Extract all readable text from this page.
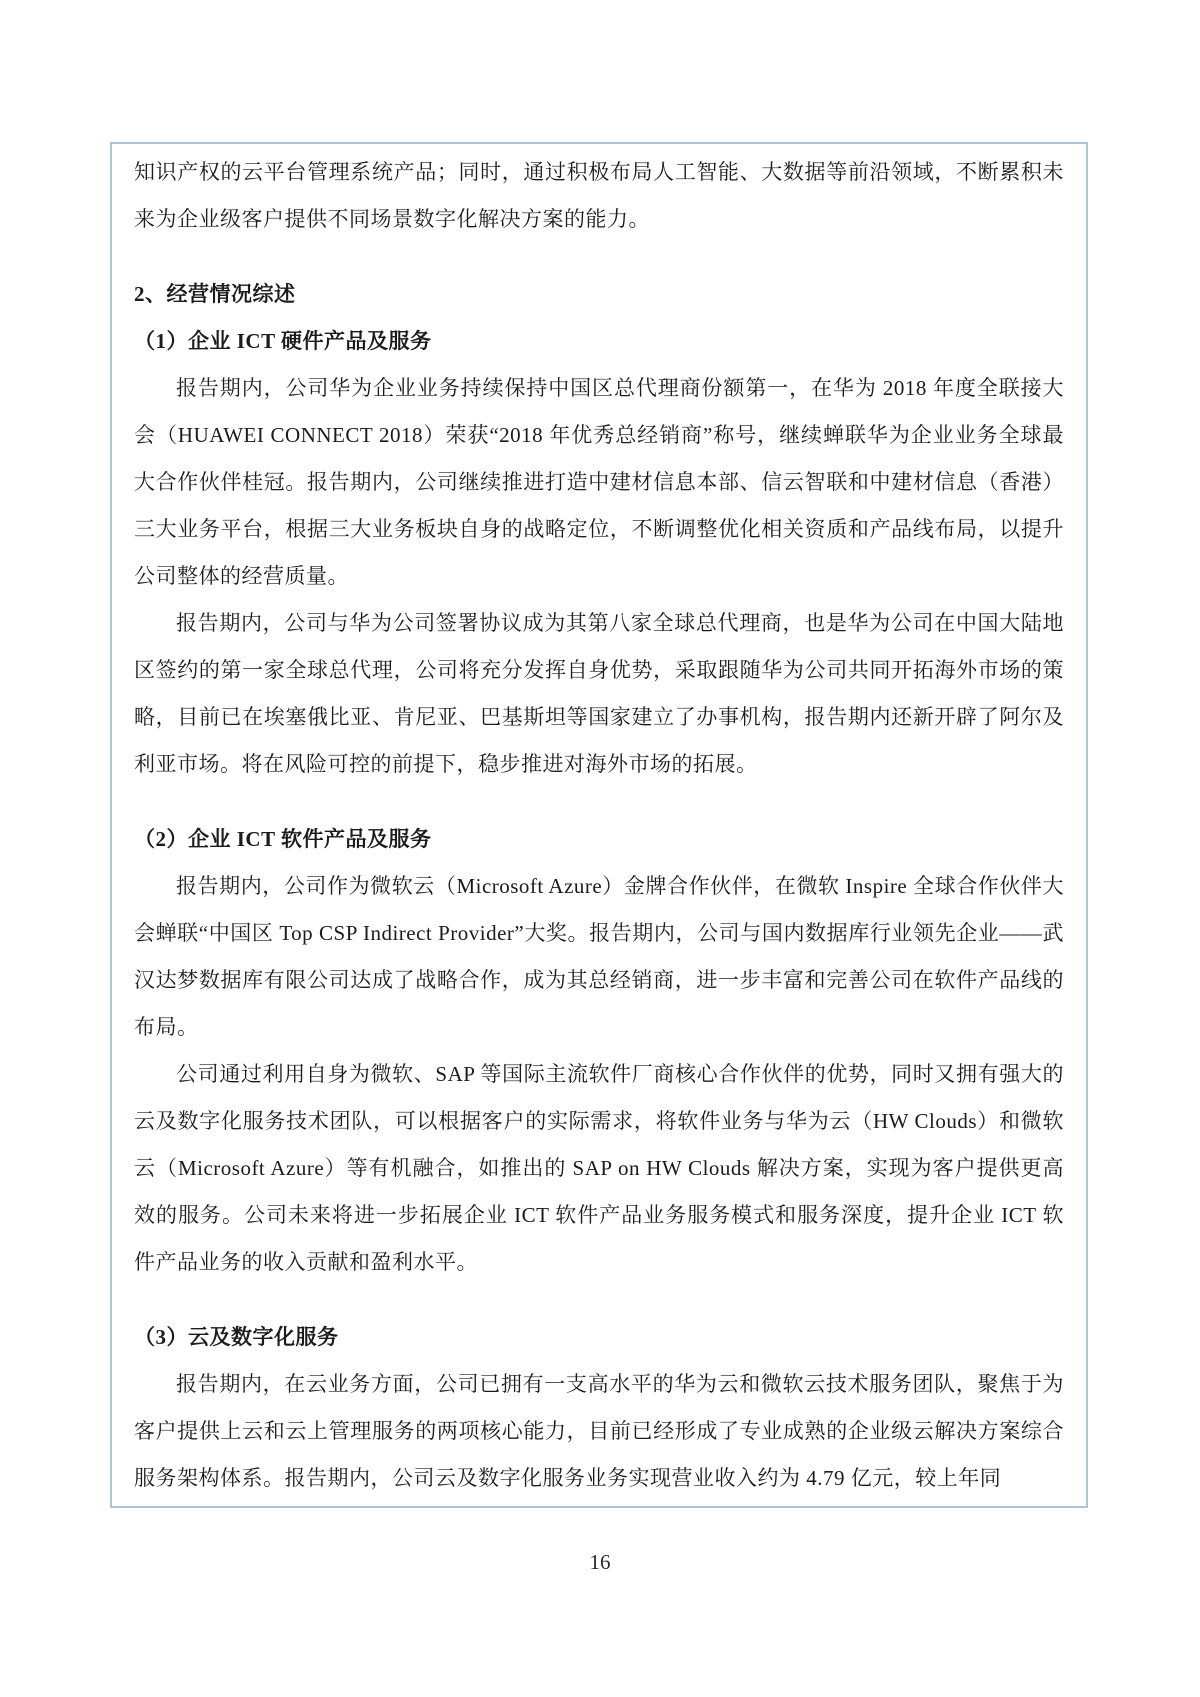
知识产权的云平台管理系统产品；同时，通过积极布局人工智能、大数据等前沿领域，不断累积未来为企业级客户提供不同场景数字化解决方案的能力。

2、经营情况综述
（1）企业 ICT 硬件产品及服务

报告期内，公司华为企业业务持续保持中国区总代理商份额第一，在华为 2018 年度全联接大会（HUAWEI CONNECT 2018）荣获“2018 年优秀总经销商”称号，继续蝉联华为企业业务全球最大合作伙伴桂冠。报告期内，公司继续推进打造中建材信息本部、信云智联和中建材信息（香港）三大业务平台，根据三大业务板块自身的战略定位，不断调整优化相关资质和产品线布局，以提升公司整体的经营质量。

报告期内，公司与华为公司签署协议成为其第八家全球总代理商，也是华为公司在中国大陆地区签约的第一家全球总代理，公司将充分发挥自身优势，采取跟随华为公司共同开拓海外市场的策略，目前已在埃塞俄比亚、肯尼亚、巴基斯坦等国家建立了办事机构，报告期内还新开辟了阿尔及利亚市场。将在风险可控的前提下，稳步推进对海外市场的拓展。

（2）企业 ICT 软件产品及服务

报告期内，公司作为微软云（Microsoft Azure）金牌合作伙伴，在微软 Inspire 全球合作伙伴大会蝉联“中国区 Top CSP Indirect Provider”大奖。报告期内，公司与国内数据库行业领先企业——武汉达梦数据库有限公司达成了战略合作，成为其总经销商，进一步丰富和完善公司在软件产品线的布局。

公司通过利用自身为微软、SAP 等国际主流软件厂商核心合作伙伴的优势，同时又拥有强大的云及数字化服务技术团队，可以根据客户的实际需求，将软件业务与华为云（HW Clouds）和微软云（Microsoft Azure）等有机融合，如推出的 SAP on HW Clouds 解决方案，实现为客户提供更高效的服务。公司未来将进一步拓展企业 ICT 软件产品业务服务模式和服务深度，提升企业 ICT 软件产品业务的收入贡献和盈利水平。

（3）云及数字化服务

报告期内，在云业务方面，公司已拥有一支高水平的华为云和微软云技术服务团队，聚焦于为客户提供上云和云上管理服务的两项核心能力，目前已经形成了专业成熟的企业级云解决方案综合服务架构体系。报告期内，公司云及数字化服务业务实现营业收入约为 4.79 亿元，较上年同

16
